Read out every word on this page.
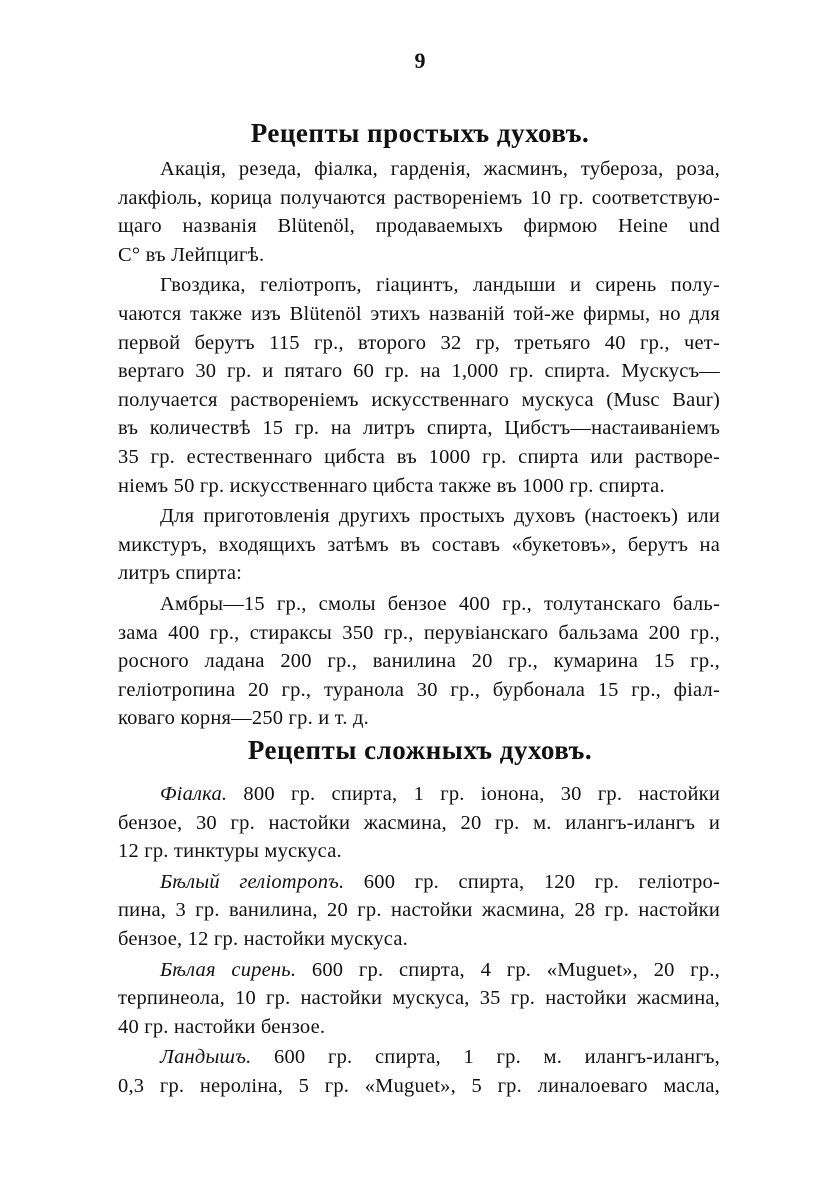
9
Рецепты простыхъ духовъ.

Акація, резеда, фіалка, гарденія, жасминъ, тубероза, роза,
лакфіоль, корица получаются раствореніемъ 10 гр. соответствую-
щаго названія Blütenöl, продаваемыхъ фирмою Heine und
C° въ Лейпцигѣ.

Гвоздика, геліотропъ, гіацинтъ, ландыши и сирень полу-
чаются также изъ Blütenöl этихъ названій той-же фирмы, но для
первой берутъ 115 гр., второго 32 гр, третьяго 40 гр., чет-
вертаго 30 гр. и пятаго 60 гр. на 1,000 гр. спирта. Мускусъ—
получается раствореніемъ искусственнаго мускуса (Musc Baur)
въ количествѣ 15 гр. на литръ спирта, Цибстъ—настаиваніемъ
35 гр. естественнаго цибста въ 1000 гр. спирта или растворе-
ніемъ 50 гр. искусственнаго цибста также въ 1000 гр. спирта.

Для приготовленія другихъ простыхъ духовъ (настоекъ) или
микстуръ, входящихъ затѣмъ въ составъ «букетовъ», берутъ на
литръ спирта:

Амбры—15 гр., смолы бензое 400 гр., толутанскаго баль-
зама 400 гр., стираксы 350 гр., перувіанскаго бальзама 200 гр.,
росного ладана 200 гр., ванилина 20 гр., кумарина 15 гр.,
геліотропина 20 гр., туранола 30 гр., бурбонала 15 гр., фіал-
коваго корня—250 гр. и т. д.

Рецепты сложныхъ духовъ.

Фіалка. 800 гр. спирта, 1 гр. іонона, 30 гр. настойки
бензое, 30 гр. настойки жасмина, 20 гр. м. илангъ-илангъ и
12 гр. тинктуры мускуса.

Бѣлый геліотропъ. 600 гр. спирта, 120 гр. геліотро-
пина, 3 гр. ванилина, 20 гр. настойки жасмина, 28 гр. настойки
бензое, 12 гр. настойки мускуса.

Бѣлая сирень. 600 гр. спирта, 4 гр. «Muguet», 20 гр.,
терпинеола, 10 гр. настойки мускуса, 35 гр. настойки жасмина,
40 гр. настойки бензое.

Ландышъ. 600 гр. спирта, 1 гр. м. илангъ-илангъ,
0,3 гр. нероліна, 5 гр. «Muguet», 5 гр. линалоеваго масла,
